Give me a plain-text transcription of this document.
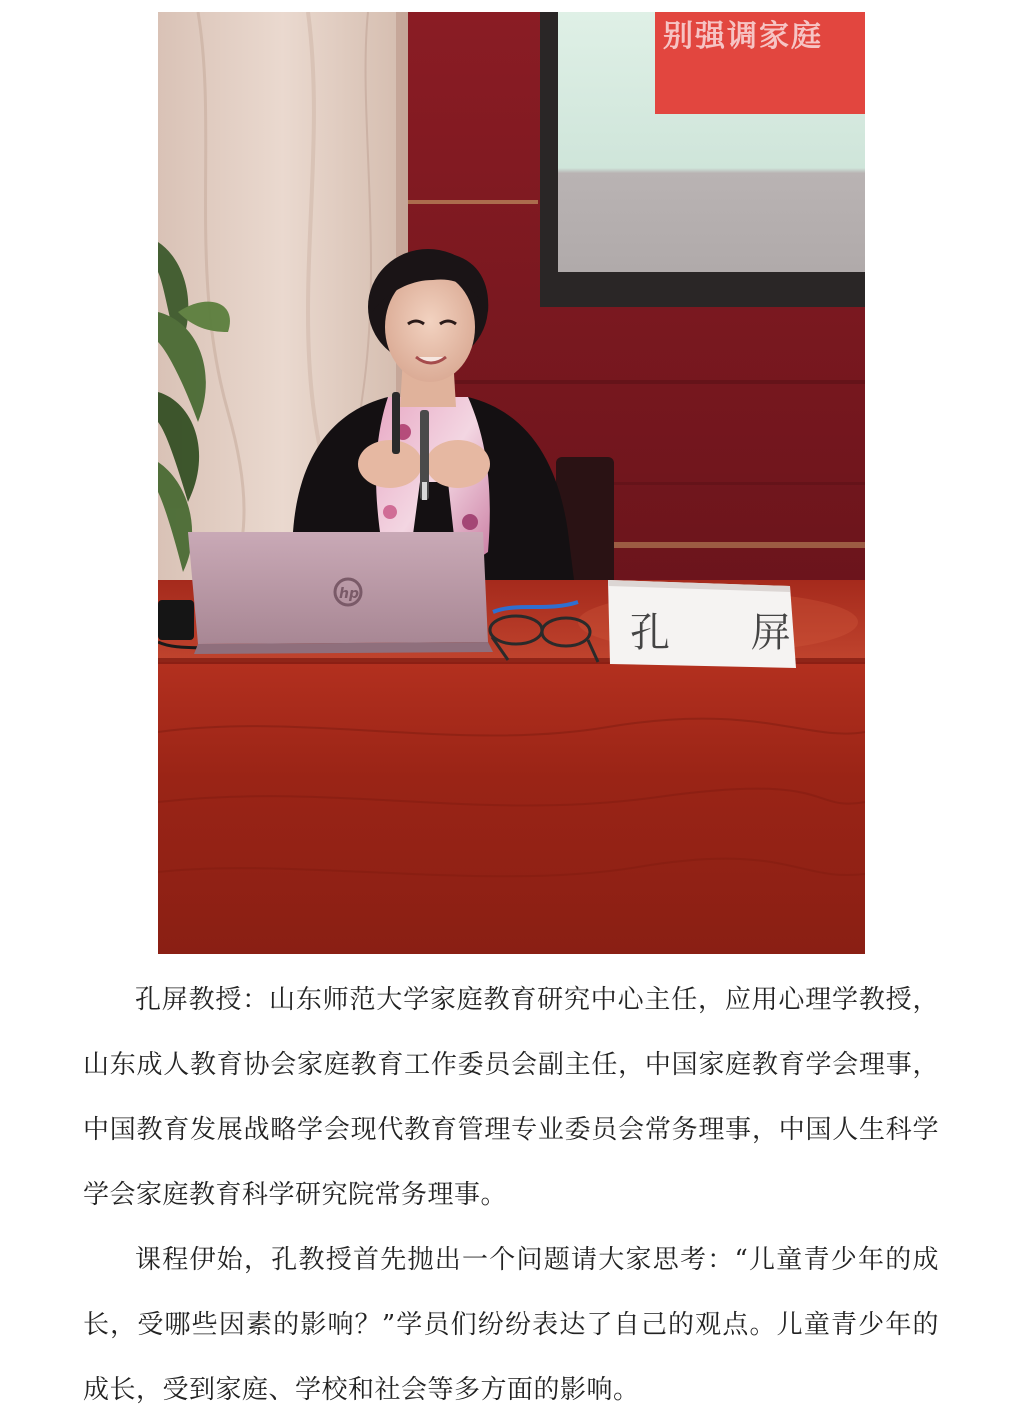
别强调家庭
hp
孔 屏

孔屏教授：山东师范大学家庭教育研究中心主任，应用心理学教授，山东成人教育协会家庭教育工作委员会副主任，中国家庭教育学会理事，中国教育发展战略学会现代教育管理专业委员会常务理事，中国人生科学学会家庭教育科学研究院常务理事。

课程伊始，孔教授首先抛出一个问题请大家思考：“儿童青少年的成长，受哪些因素的影响？”学员们纷纷表达了自己的观点。儿童青少年的成长，受到家庭、学校和社会等多方面的影响。
